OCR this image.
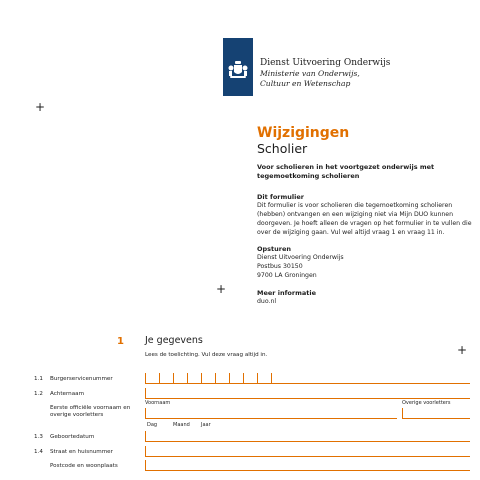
Dienst Uitvoering Onderwijs
Ministerie van Onderwijs, Cultuur en Wetenschap
+
+
+
Wijzigingen
Scholier
Voor scholieren in het voortgezet onderwijs met tegemoetkoming scholieren
Dit formulier
Dit formulier is voor scholieren die tegemoetkoming scholieren (hebben) ontvangen en een wijziging niet via Mijn DUO kunnen doorgeven. Je hoeft alleen de vragen op het formulier in te vullen die over de wijziging gaan. Vul wel altijd vraag 1 en vraag 11 in.
Opsturen
Dienst Uitvoering Onderwijs
Postbus 30150
9700 LA Groningen
Meer informatie
duo.nl
1 Je gegevens
Lees de toelichting. Vul deze vraag altijd in.
1.1 Burgerservicenummer
1.2 Achternaam
Eerste officiële voornaam en overige voorletters
1.3 Geboortedatum
1.4 Straat en huisnummer
Postcode en woonplaats
Voornaam	Overige voorletters
Dag	Maand Jaar
